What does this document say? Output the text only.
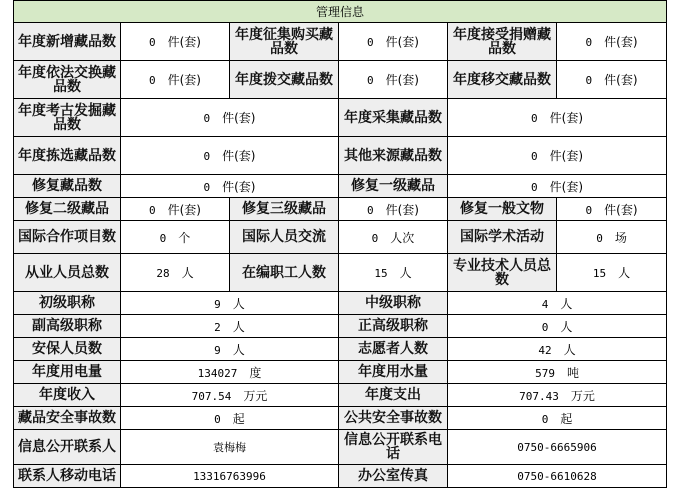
管理信息					
年度新增藏品数	0 件(套)	年度征集购买藏品数	0 件(套)	年度接受捐赠藏品数	0 件(套)
年度依法交换藏品数	0 件(套)	年度拨交藏品数	0 件(套)	年度移交藏品数	0 件(套)
年度考古发掘藏品数	0 件(套)		年度采集藏品数	0 件(套)	
年度拣选藏品数	0 件(套)		其他来源藏品数	0 件(套)	
修复藏品数	0 件(套)		修复一级藏品	0 件(套)	
修复二级藏品	0 件(套)	修复三级藏品	0 件(套)	修复一般文物	0 件(套)
国际合作项目数	0 个	国际人员交流	0 人次	国际学术活动	0 场
从业人员总数	28 人	在编职工人数	15 人	专业技术人员总数	15 人
初级职称	9 人		中级职称	4 人	
副高级职称	2 人		正高级职称	0 人	
安保人员数	9 人		志愿者人数	42 人	
年度用电量	134027 度		年度用水量	579 吨	
年度收入	707.54 万元		年度支出	707.43 万元	
藏品安全事故数	0 起		公共安全事故数	0 起	
信息公开联系人	袁梅梅		信息公开联系电话	0750-6665906	
联系人移动电话	13316763996		办公室传真	0750-6610628	
